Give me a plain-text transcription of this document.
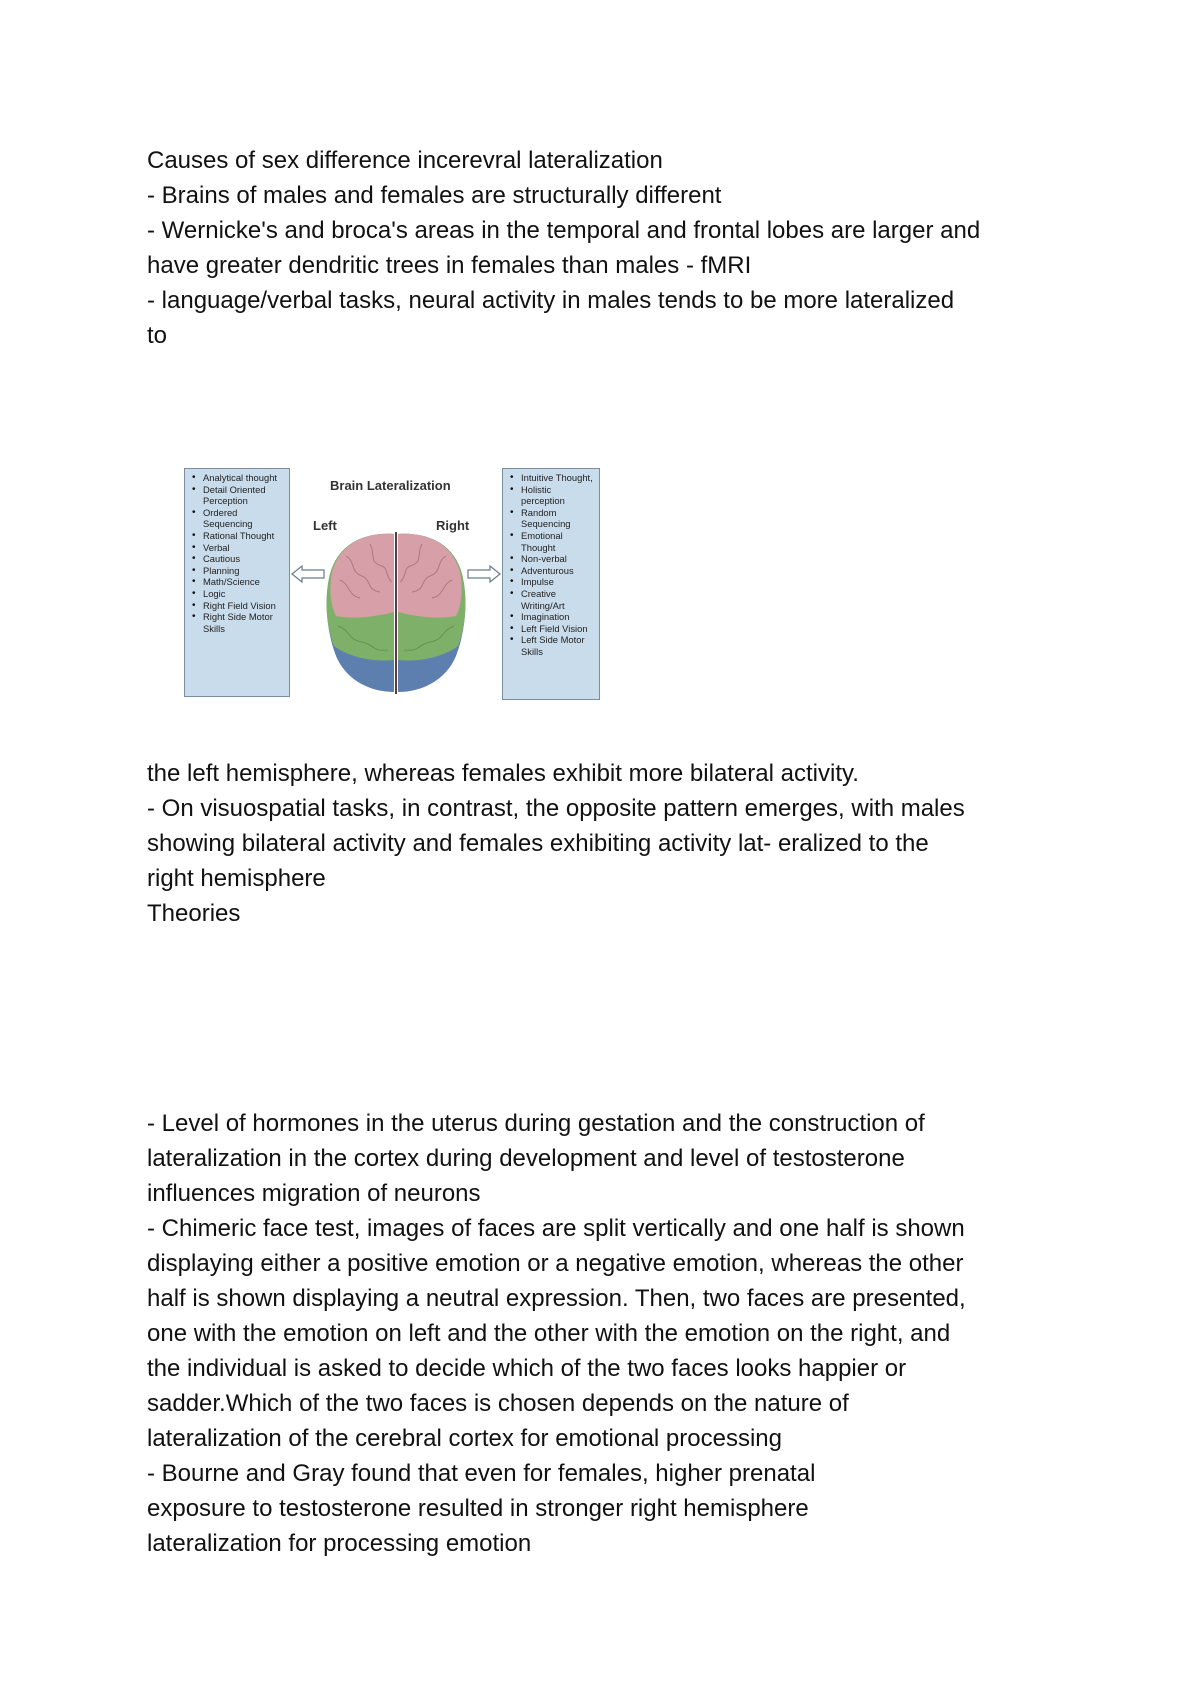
Causes of sex difference incerevral lateralization
- Brains of males and females are structurally different
- Wernicke's and broca's areas in the temporal and frontal lobes are larger and
have greater dendritic trees in females than males - fMRI
- language/verbal tasks, neural activity in males tends to be more lateralized
to
• Analytical thought
• Detail Oriented Perception
• Ordered Sequencing
• Rational Thought
• Verbal
• Cautious
• Planning
• Math/Science
• Logic
• Right Field Vision
• Right Side Motor Skills
Brain Lateralization
Left	Right
• Intuitive Thought,
• Holistic perception
• Random Sequencing
• Emotional Thought
• Non-verbal
• Adventurous
• Impulse
• Creative Writing/Art
• Imagination
• Left Field Vision
• Left Side Motor Skills
the left hemisphere, whereas females exhibit more bilateral activity.
- On visuospatial tasks, in contrast, the opposite pattern emerges, with males
showing bilateral activity and females exhibiting activity lat- eralized to the
right hemisphere
Theories
- Level of hormones in the uterus during gestation and the construction of
lateralization in the cortex during development and level of testosterone
influences migration of neurons
- Chimeric face test, images of faces are split vertically and one half is shown
displaying either a positive emotion or a negative emotion, whereas the other
half is shown displaying a neutral expression. Then, two faces are presented,
one with the emotion on left and the other with the emotion on the right, and
the individual is asked to decide which of the two faces looks happier or
sadder.Which of the two faces is chosen depends on the nature of
lateralization of the cerebral cortex for emotional processing
- Bourne and Gray found that even for females, higher prenatal
exposure to testosterone resulted in stronger right hemisphere
lateralization for processing emotion
